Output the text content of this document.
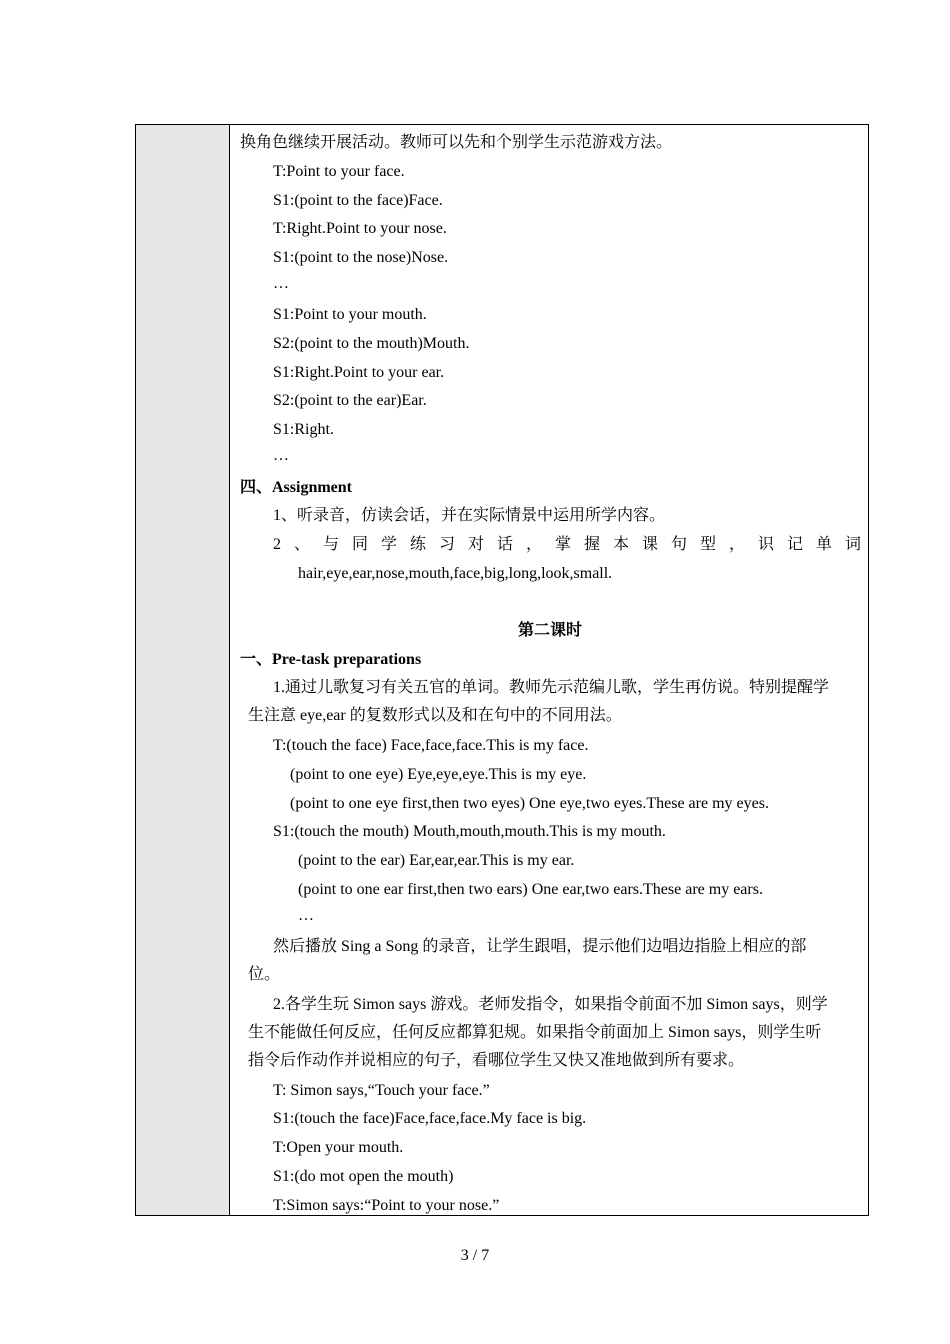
换角色继续开展活动。教师可以先和个别学生示范游戏方法。
T:Point to your face.
S1:(point to the face)Face.
T:Right.Point to your nose.
S1:(point to the nose)Nose.
…
S1:Point to your mouth.
S2:(point to the mouth)Mouth.
S1:Right.Point to your ear.
S2:(point to the ear)Ear.
S1:Right.
…
四、Assignment
1、听录音，仿读会话，并在实际情景中运用所学内容。
2 、 与 同 学 练 习 对 话 ， 掌 握 本 课 句 型 ， 识 记 单 词
hair,eye,ear,nose,mouth,face,big,long,look,small.
第二课时
一、Pre-task preparations
1.通过儿歌复习有关五官的单词。教师先示范编儿歌，学生再仿说。特别提醒学
生注意 eye,ear 的复数形式以及和在句中的不同用法。
T:(touch the face) Face,face,face.This is my face.
(point to one eye) Eye,eye,eye.This is my eye.
(point to one eye first,then two eyes) One eye,two eyes.These are my eyes.
S1:(touch the mouth) Mouth,mouth,mouth.This is my mouth.
(point to the ear) Ear,ear,ear.This is my ear.
(point to one ear first,then two ears) One ear,two ears.These are my ears.
…
然后播放 Sing a Song 的录音，让学生跟唱，提示他们边唱边指脸上相应的部
位。
2.各学生玩 Simon says 游戏。老师发指令，如果指令前面不加 Simon says，则学
生不能做任何反应，任何反应都算犯规。如果指令前面加上 Simon says，则学生听
指令后作动作并说相应的句子，看哪位学生又快又准地做到所有要求。
T: Simon says,“Touch your face.”
S1:(touch the face)Face,face,face.My face is big.
T:Open your mouth.
S1:(do mot open the mouth)
T:Simon says:“Point to your nose.”
3 / 7
